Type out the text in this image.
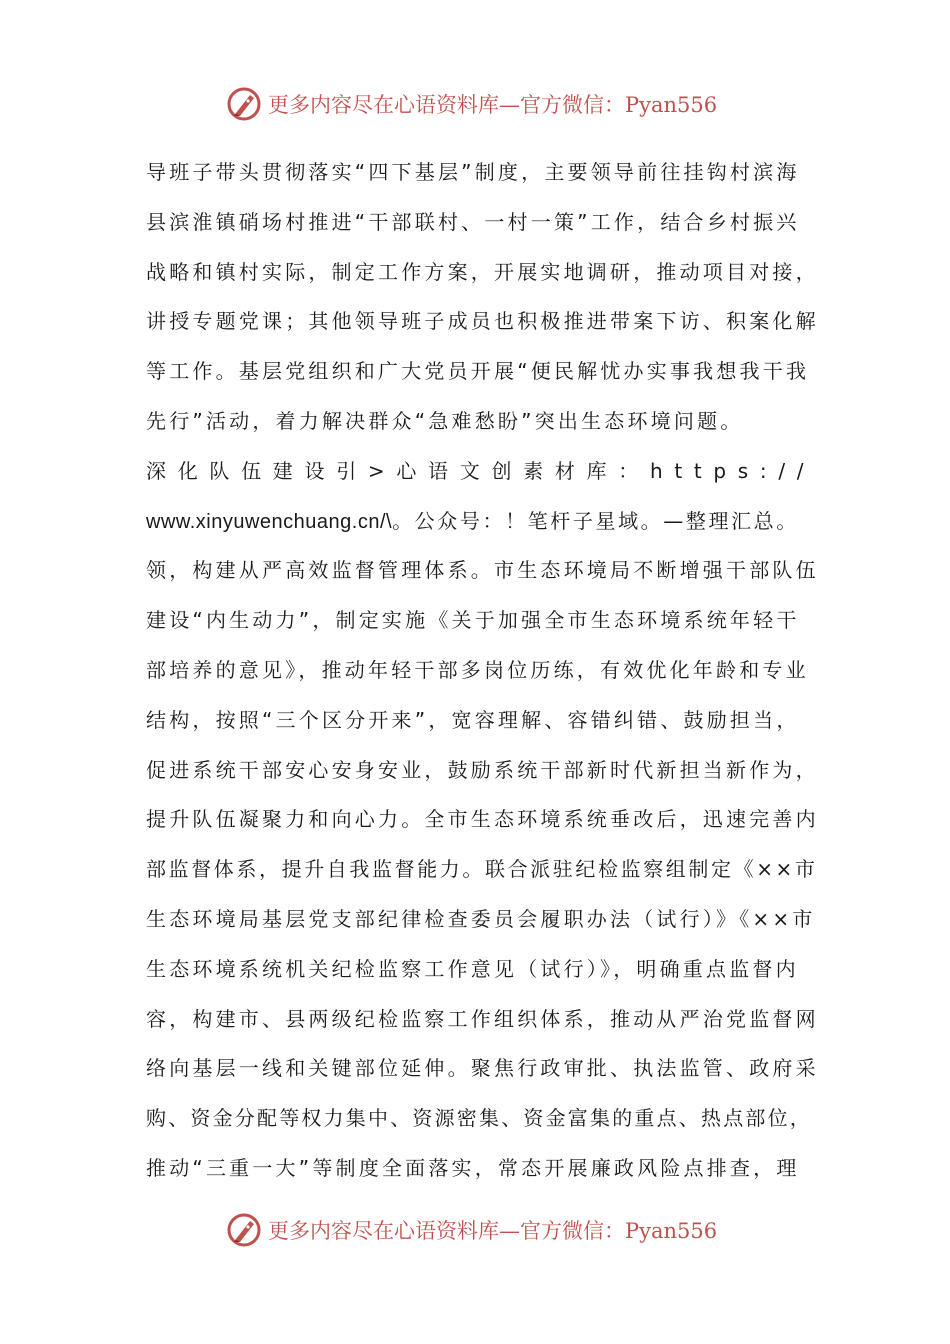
更多内容尽在心语资料库—官方微信：Pyan556
导班子带头贯彻落实“四下基层”制度，主要领导前往挂钩村滨海
县滨淮镇硝场村推进“干部联村、一村一策”工作，结合乡村振兴
战略和镇村实际，制定工作方案，开展实地调研，推动项目对接，
讲授专题党课；其他领导班子成员也积极推进带案下访、积案化解
等工作。基层党组织和广大党员开展“便民解忧办实事我想我干我
先行”活动，着力解决群众“急难愁盼”突出生态环境问题。
深化队伍建设引>心语文创素材库：https://
www.xinyuwenchuang.cn/\。公众号：！笔杆子星域。—整理汇总。
领，构建从严高效监督管理体系。市生态环境局不断增强干部队伍
建设“内生动力”，制定实施《关于加强全市生态环境系统年轻干
部培养的意见》，推动年轻干部多岗位历练，有效优化年龄和专业
结构，按照“三个区分开来”，宽容理解、容错纠错、鼓励担当，
促进系统干部安心安身安业，鼓励系统干部新时代新担当新作为，
提升队伍凝聚力和向心力。全市生态环境系统垂改后，迅速完善内
部监督体系，提升自我监督能力。联合派驻纪检监察组制定《××市
生态环境局基层党支部纪律检查委员会履职办法（试行）》《××市
生态环境系统机关纪检监察工作意见（试行）》，明确重点监督内
容，构建市、县两级纪检监察工作组织体系，推动从严治党监督网
络向基层一线和关键部位延伸。聚焦行政审批、执法监管、政府采
购、资金分配等权力集中、资源密集、资金富集的重点、热点部位，
推动“三重一大”等制度全面落实，常态开展廉政风险点排查，理
更多内容尽在心语资料库—官方微信：Pyan556
